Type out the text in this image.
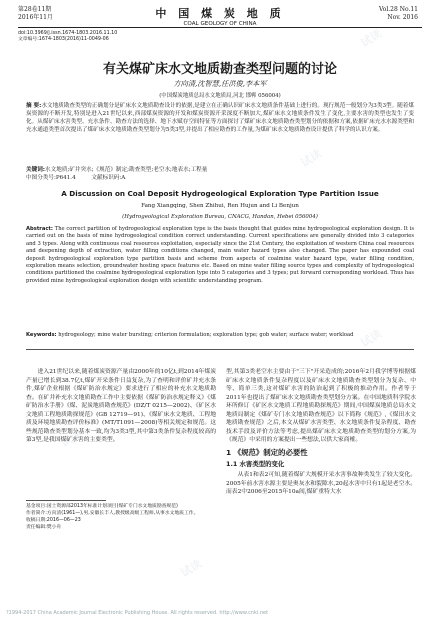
试读
试读
试读
试读
试读
试读
试读
第28卷11期
2016年11月	中 国 煤 炭 地 质
COAL GEOLOGY OF CHINA
Vol.28 No.11
Nov. 2016
doi:10.3969/j.issn.1674-1803.2016.11.10
文章编号:1674-1803(2016)11-0049-06
有关煤矿床水文地质勘查类型问题的讨论
方向清,沈智慧,任洪俊,李本军
(中国煤炭地质总局水文地质局,河北 邯郸 056004)
摘 要:水文地质勘查类型的正确划分是矿床水文地质勘查设计的依据,是建立在正确认识矿床水文地质条件基础上进行的。现行规范一般划分为3类3型。随着煤炭资源的不断开发,特别是进入21世纪以来,西部煤炭资源的开发和煤炭资源开采深度不断加大,煤矿床水文地质条件发生了变化,主要水害的类型也发生了变化。从煤矿床水害类型、充水条件、勘查方法的选择、地下水赋存空间特征等方面探讨了煤矿床水文地质勘查类型划分的依据和方案,依据矿床充水水源类型和充水通道类型首次提出了煤矿床水文地质勘查类型划分为5类3型,并提出了相应勘查的工作量,为煤矿床水文地质勘查设计提供了科学的认识方案。
关键词:水文地质;矿井突水;《规范》制定;勘查类型;老空水;地表水;工程量
中图分类号:P641.4	文献标识码:A
A Discussion on Coal Deposit Hydrogeological Exploration Type Partition Issue
Fang Xiangqing, Shen Zhihui, Ren Hujun and Li Benjun
(Hydrogeological Exploration Bureau, CNACG, Handan, Hebei 056004)
Abstract: The correct partition of hydrogeological exploration type is the basis thought that guides mine hydrogeological exploration design. It is carried out on the basis of mine hydrogeological condition correct understanding. Current specifications are generally divided into 3 categories and 3 types. Along with continuous coal resources exploitation, especially since the 21st Century, the exploitation of western China coal resources and deepening depth of extraction, water filling conditions changed, main water hazard types also changed. The paper has expounded coal deposit hydrogeological exploration type partition basis and scheme from aspects of coalmine water hazard type, water filling condition, exploration means selection, groundwater hosting space features etc. Based on mine water filling source types and complexity of hydrogeological conditions partitioned the coalmine hydrogeological exploration type into 5 categories and 3 types; put forward corresponding workload. Thus has provided mine hydrogeological exploration design with scientific understanding program.
Keywords: hydrogeology; mine water bursting; criterion formulation; exploration type; gob water; surface water; workload

进入21世纪以来,随着煤炭资源产量由2000年的10亿t,到2014年煤炭产量已增长到38.7亿t,煤矿开采条件日益复杂,为了查明和评价矿井充水条件,煤矿企业根据《煤矿防治水规定》要求进行了相应的补充水文地质勘查。在矿井补充水文地质勘查工作中主要依据《煤矿防治水规定释义》《煤矿防治水手册》《煤、泥炭地质勘查规范》(DZ/T 0215—2002)、《矿区水文地质工程地质勘探规范》(GB 12719—91)、《煤矿床水文地质、工程地质及环境地质勘查评价标准》(MT/T1091—2008)等相关规定和规范。这些规范勘查类型划分基本一致,均为3类3型,其中第3类条件复杂程度较高的第3型,是我国煤矿水害的主要类型。

基金项目:国土资源部2013年标准计划项目(煤矿专门水文地质勘查规范)
作者简介:方向清(1961—),男,安徽长丰人,教授级高级工程师,从事水文地质工作。
收稿日期:2016—06—23
责任编辑:樊小舟

型,其第3类老空水主要由于"三下"开采造成的;2016年2月我学博等根据煤矿床水文地质条件复杂程度以及矿床水文地质勘查类型划分为复杂、中等、简单三类,这对煤矿水害的防治起到了积极的推动作用。作者等于2011年也提出了煤矿床水文地质勘查类型划分方案。在中国地质科学院水环所修订《矿区水文地质工程地质勘探规范》期间,中国煤炭地质总局水文地质局制定《煤矿专门水文地质勘查规范》以下简称《规范》,《煤田水文地质勘查规范》之后,本文从煤矿水害类型、水文地质条件复杂程度、勘查技术手段及评价方法等考虑,提出煤矿床水文地质勘查类型的划分方案,为《规范》中采用的方案提出一些想法,以供大家商榷。

1 《规范》制定的必要性
1.1 水害类型的变化

从表1和表2可知,随着煤矿大规模开采水害事故种类发生了较大变化。2005年前水害水源主要是奥灰水和裂隙水,20起水害中只有1起是老空水。而表2中2006至2015年10a间,煤矿重特大水

?1994-2017 China Academic Journal Electronic Publishing House. All rights reserved. http://www.cnki.net
